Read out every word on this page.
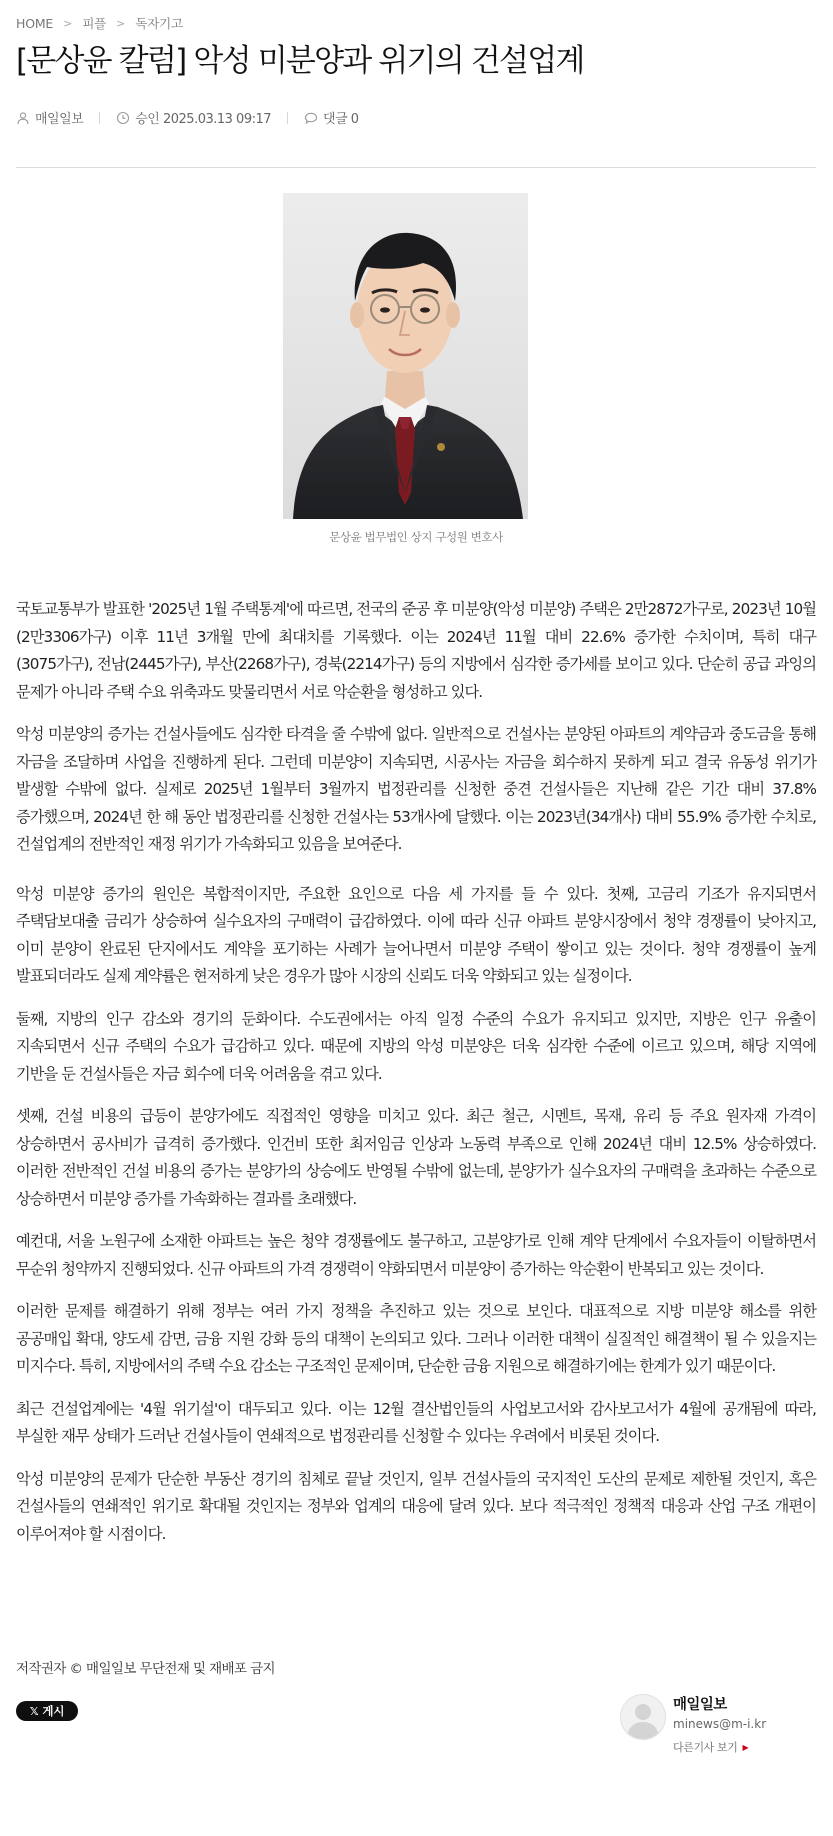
HOME > 피플 > 독자기고
[문상윤 칼럼] 악성 미분양과 위기의 건설업계
매일일보	승인 2025.03.13 09:17	댓글 0
문상윤 법무법인 상지 구성원 변호사

국토교통부가 발표한 '2025년 1월 주택통계'에 따르면, 전국의 준공 후 미분양(악성 미분양) 주택은 2만2872가구로, 2023년 10월(2만3306가구) 이후 11년 3개월 만에 최대치를 기록했다. 이는 2024년 11월 대비 22.6% 증가한 수치이며, 특히 대구(3075가구), 전남(2445가구), 부산(2268가구), 경북(2214가구) 등의 지방에서 심각한 증가세를 보이고 있다. 단순히 공급 과잉의 문제가 아니라 주택 수요 위축과도 맞물리면서 서로 악순환을 형성하고 있다.

악성 미분양의 증가는 건설사들에도 심각한 타격을 줄 수밖에 없다. 일반적으로 건설사는 분양된 아파트의 계약금과 중도금을 통해 자금을 조달하며 사업을 진행하게 된다. 그런데 미분양이 지속되면, 시공사는 자금을 회수하지 못하게 되고 결국 유동성 위기가 발생할 수밖에 없다. 실제로 2025년 1월부터 3월까지 법정관리를 신청한 중견 건설사들은 지난해 같은 기간 대비 37.8% 증가했으며, 2024년 한 해 동안 법정관리를 신청한 건설사는 53개사에 달했다. 이는 2023년(34개사) 대비 55.9% 증가한 수치로, 건설업계의 전반적인 재정 위기가 가속화되고 있음을 보여준다.

악성 미분양 증가의 원인은 복합적이지만, 주요한 요인으로 다음 세 가지를 들 수 있다. 첫째, 고금리 기조가 유지되면서 주택담보대출 금리가 상승하여 실수요자의 구매력이 급감하였다. 이에 따라 신규 아파트 분양시장에서 청약 경쟁률이 낮아지고, 이미 분양이 완료된 단지에서도 계약을 포기하는 사례가 늘어나면서 미분양 주택이 쌓이고 있는 것이다. 청약 경쟁률이 높게 발표되더라도 실제 계약률은 현저하게 낮은 경우가 많아 시장의 신뢰도 더욱 약화되고 있는 실정이다.

둘째, 지방의 인구 감소와 경기의 둔화이다. 수도권에서는 아직 일정 수준의 수요가 유지되고 있지만, 지방은 인구 유출이 지속되면서 신규 주택의 수요가 급감하고 있다. 때문에 지방의 악성 미분양은 더욱 심각한 수준에 이르고 있으며, 해당 지역에 기반을 둔 건설사들은 자금 회수에 더욱 어려움을 겪고 있다.

셋째, 건설 비용의 급등이 분양가에도 직접적인 영향을 미치고 있다. 최근 철근, 시멘트, 목재, 유리 등 주요 원자재 가격이 상승하면서 공사비가 급격히 증가했다. 인건비 또한 최저임금 인상과 노동력 부족으로 인해 2024년 대비 12.5% 상승하였다. 이러한 전반적인 건설 비용의 증가는 분양가의 상승에도 반영될 수밖에 없는데, 분양가가 실수요자의 구매력을 초과하는 수준으로 상승하면서 미분양 증가를 가속화하는 결과를 초래했다.

예컨대, 서울 노원구에 소재한 아파트는 높은 청약 경쟁률에도 불구하고, 고분양가로 인해 계약 단계에서 수요자들이 이탈하면서 무순위 청약까지 진행되었다. 신규 아파트의 가격 경쟁력이 약화되면서 미분양이 증가하는 악순환이 반복되고 있는 것이다.

이러한 문제를 해결하기 위해 정부는 여러 가지 정책을 추진하고 있는 것으로 보인다. 대표적으로 지방 미분양 해소를 위한 공공매입 확대, 양도세 감면, 금융 지원 강화 등의 대책이 논의되고 있다. 그러나 이러한 대책이 실질적인 해결책이 될 수 있을지는 미지수다. 특히, 지방에서의 주택 수요 감소는 구조적인 문제이며, 단순한 금융 지원으로 해결하기에는 한계가 있기 때문이다.

최근 건설업계에는 '4월 위기설'이 대두되고 있다. 이는 12월 결산법인들의 사업보고서와 감사보고서가 4월에 공개됨에 따라, 부실한 재무 상태가 드러난 건설사들이 연쇄적으로 법정관리를 신청할 수 있다는 우려에서 비롯된 것이다.

악성 미분양의 문제가 단순한 부동산 경기의 침체로 끝날 것인지, 일부 건설사들의 국지적인 도산의 문제로 제한될 것인지, 혹은 건설사들의 연쇄적인 위기로 확대될 것인지는 정부와 업계의 대응에 달려 있다. 보다 적극적인 정책적 대응과 산업 구조 개편이 이루어져야 할 시점이다.

저작권자 © 매일일보 무단전재 및 재배포 금지
𝕏 게시	매일일보
minews@m-i.kr
다른기사 보기 ▶
